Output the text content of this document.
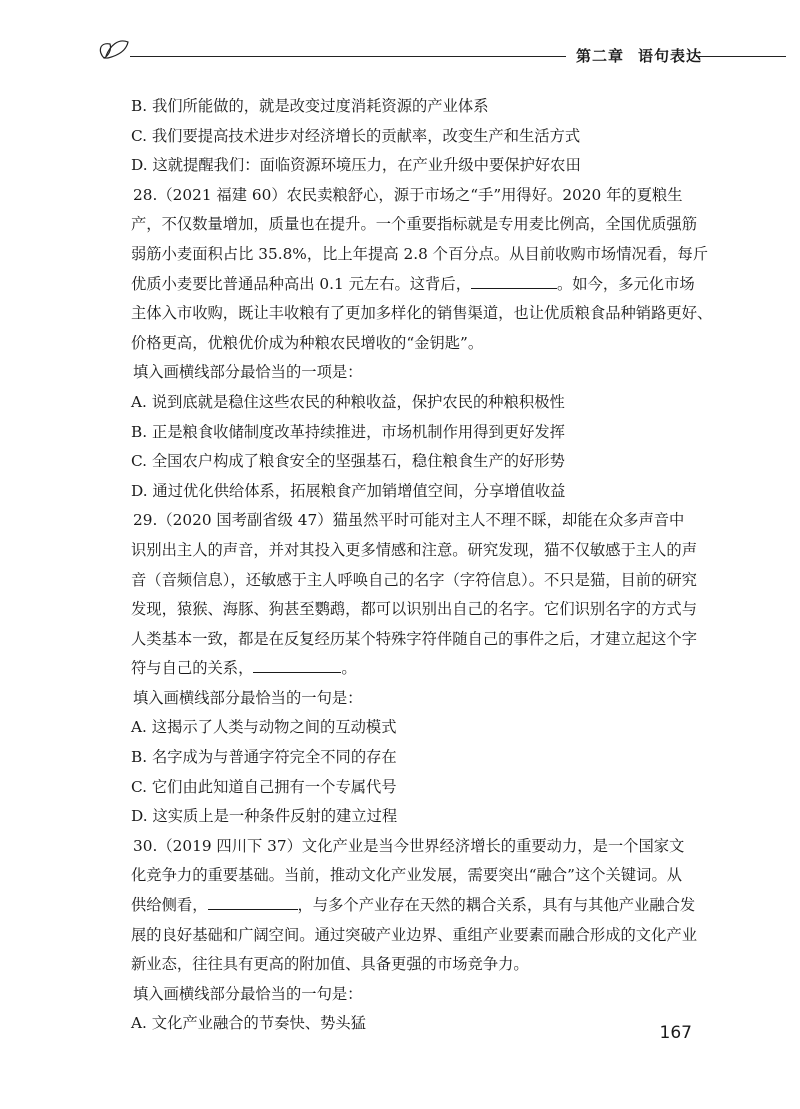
第二章 语句表达
B. 我们所能做的，就是改变过度消耗资源的产业体系
C. 我们要提高技术进步对经济增长的贡献率，改变生产和生活方式
D. 这就提醒我们：面临资源环境压力，在产业升级中要保护好农田
28.（2021 福建 60）农民卖粮舒心，源于市场之“手”用得好。2020 年的夏粮生
产，不仅数量增加，质量也在提升。一个重要指标就是专用麦比例高，全国优质强筋
弱筋小麦面积占比 35.8%，比上年提高 2.8 个百分点。从目前收购市场情况看，每斤
优质小麦要比普通品种高出 0.1 元左右。这背后，	。如今，多元化市场
主体入市收购，既让丰收粮有了更加多样化的销售渠道，也让优质粮食品种销路更好、
价格更高，优粮优价成为种粮农民增收的“金钥匙”。
填入画横线部分最恰当的一项是：
A. 说到底就是稳住这些农民的种粮收益，保护农民的种粮积极性
B. 正是粮食收储制度改革持续推进，市场机制作用得到更好发挥
C. 全国农户构成了粮食安全的坚强基石，稳住粮食生产的好形势
D. 通过优化供给体系，拓展粮食产加销增值空间，分享增值收益
29.（2020 国考副省级 47）猫虽然平时可能对主人不理不睬，却能在众多声音中
识别出主人的声音，并对其投入更多情感和注意。研究发现，猫不仅敏感于主人的声
音（音频信息），还敏感于主人呼唤自己的名字（字符信息）。不只是猫，目前的研究
发现，猿猴、海豚、狗甚至鹦鹉，都可以识别出自己的名字。它们识别名字的方式与
人类基本一致，都是在反复经历某个特殊字符伴随自己的事件之后，才建立起这个字
符与自己的关系，	。
填入画横线部分最恰当的一句是：
A. 这揭示了人类与动物之间的互动模式
B. 名字成为与普通字符完全不同的存在
C. 它们由此知道自己拥有一个专属代号
D. 这实质上是一种条件反射的建立过程
30.（2019 四川下 37）文化产业是当今世界经济增长的重要动力，是一个国家文
化竞争力的重要基础。当前，推动文化产业发展，需要突出“融合”这个关键词。从
供给侧看，	，与多个产业存在天然的耦合关系，具有与其他产业融合发
展的良好基础和广阔空间。通过突破产业边界、重组产业要素而融合形成的文化产业
新业态，往往具有更高的附加值、具备更强的市场竞争力。
填入画横线部分最恰当的一句是：
A. 文化产业融合的节奏快、势头猛	167
